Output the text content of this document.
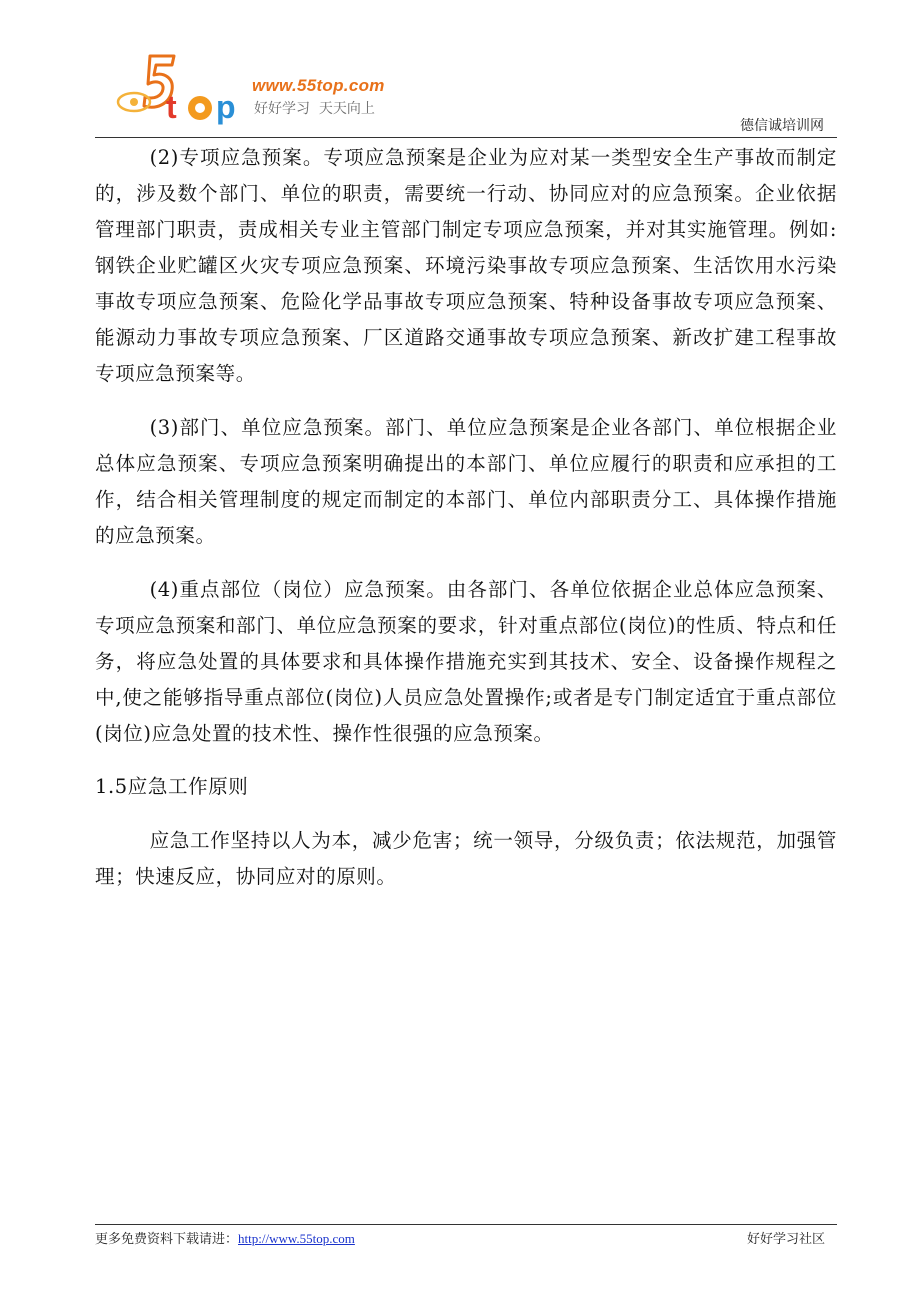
t p
www.55top.com
好好学习  天天向上
德信诚培训网

(2)专项应急预案。专项应急预案是企业为应对某一类型安全生产事故而制定的，涉及数个部门、单位的职责，需要统一行动、协同应对的应急预案。企业依据管理部门职责，责成相关专业主管部门制定专项应急预案，并对其实施管理。例如:钢铁企业贮罐区火灾专项应急预案、环境污染事故专项应急预案、生活饮用水污染事故专项应急预案、危险化学品事故专项应急预案、特种设备事故专项应急预案、能源动力事故专项应急预案、厂区道路交通事故专项应急预案、新改扩建工程事故专项应急预案等。

(3)部门、单位应急预案。部门、单位应急预案是企业各部门、单位根据企业总体应急预案、专项应急预案明确提出的本部门、单位应履行的职责和应承担的工作，结合相关管理制度的规定而制定的本部门、单位内部职责分工、具体操作措施的应急预案。

(4)重点部位（岗位）应急预案。由各部门、各单位依据企业总体应急预案、专项应急预案和部门、单位应急预案的要求，针对重点部位(岗位)的性质、特点和任务，将应急处置的具体要求和具体操作措施充实到其技术、安全、设备操作规程之中,使之能够指导重点部位(岗位)人员应急处置操作;或者是专门制定适宜于重点部位(岗位)应急处置的技术性、操作性很强的应急预案。

1.5应急工作原则

应急工作坚持以人为本，减少危害；统一领导，分级负责；依法规范，加强管理；快速反应，协同应对的原则。

更多免费资料下载请进：http://www.55top.com	好好学习社区
